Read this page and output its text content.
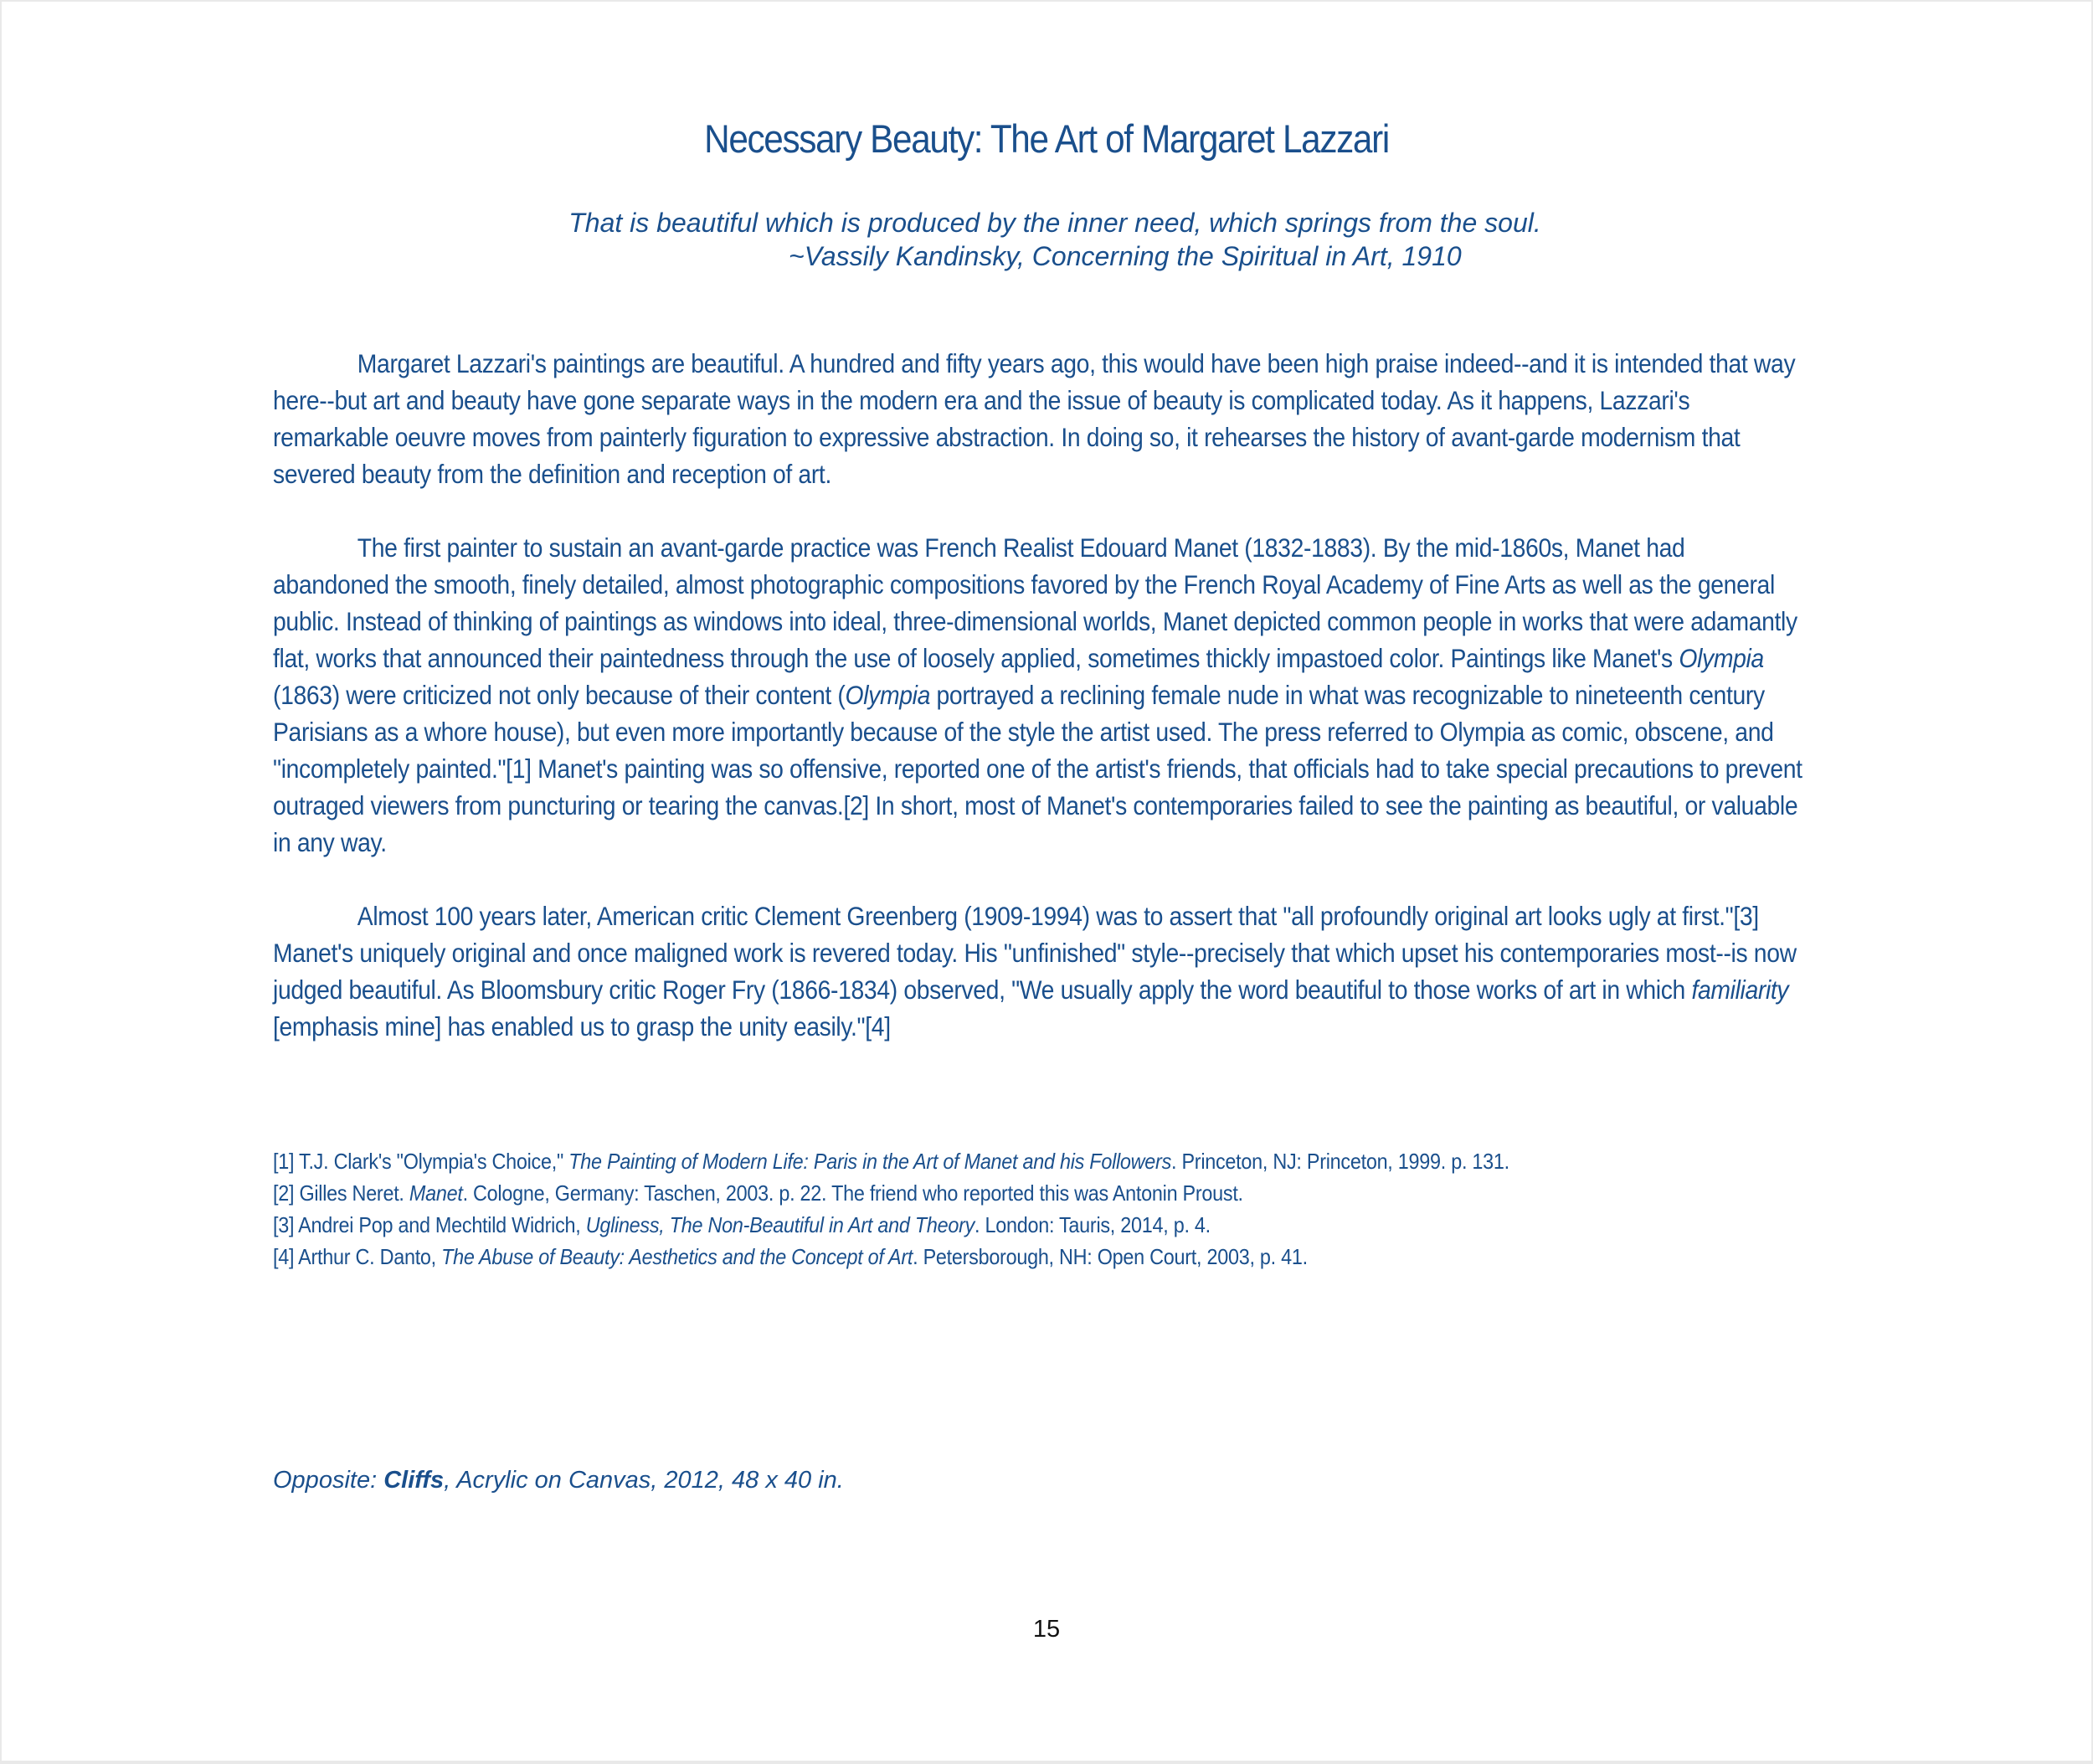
Necessary Beauty: The Art of Margaret Lazzari
That is beautiful which is produced by the inner need, which springs from the soul.
~Vassily Kandinsky, Concerning the Spiritual in Art, 1910

Margaret Lazzari's paintings are beautiful. A hundred and fifty years ago, this would have been high praise indeed--and it is intended that way here--but art and beauty have gone separate ways in the modern era and the issue of beauty is complicated today. As it happens, Lazzari's remarkable oeuvre moves from painterly figuration to expressive abstraction. In doing so, it rehearses the history of avant-garde modernism that severed beauty from the definition and reception of art.

The first painter to sustain an avant-garde practice was French Realist Edouard Manet (1832-1883). By the mid-1860s, Manet had abandoned the smooth, finely detailed, almost photographic compositions favored by the French Royal Academy of Fine Arts as well as the general public. Instead of thinking of paintings as windows into ideal, three-dimensional worlds, Manet depicted common people in works that were adamantly flat, works that announced their paintedness through the use of loosely applied, sometimes thickly impastoed color. Paintings like Manet's Olympia (1863) were criticized not only because of their content (Olympia portrayed a reclining female nude in what was recognizable to nineteenth century Parisians as a whore house), but even more importantly because of the style the artist used. The press referred to Olympia as comic, obscene, and "incompletely painted."[1] Manet's painting was so offensive, reported one of the artist's friends, that officials had to take special precautions to prevent outraged viewers from puncturing or tearing the canvas.[2] In short, most of Manet's contemporaries failed to see the painting as beautiful, or valuable in any way.

Almost 100 years later, American critic Clement Greenberg (1909-1994) was to assert that "all profoundly original art looks ugly at first."[3] Manet's uniquely original and once maligned work is revered today. His "unfinished" style--precisely that which upset his contemporaries most--is now judged beautiful. As Bloomsbury critic Roger Fry (1866-1834) observed, "We usually apply the word beautiful to those works of art in which familiarity [emphasis mine] has enabled us to grasp the unity easily."[4]

[1] T.J. Clark's "Olympia's Choice," The Painting of Modern Life: Paris in the Art of Manet and his Followers. Princeton, NJ: Princeton, 1999. p. 131.

[2] Gilles Neret. Manet. Cologne, Germany: Taschen, 2003. p. 22. The friend who reported this was Antonin Proust.

[3] Andrei Pop and Mechtild Widrich, Ugliness, The Non-Beautiful in Art and Theory. London: Tauris, 2014, p. 4.

[4] Arthur C. Danto, The Abuse of Beauty: Aesthetics and the Concept of Art. Petersborough, NH: Open Court, 2003, p. 41.

Opposite: Cliffs, Acrylic on Canvas, 2012, 48 x 40 in.
15
